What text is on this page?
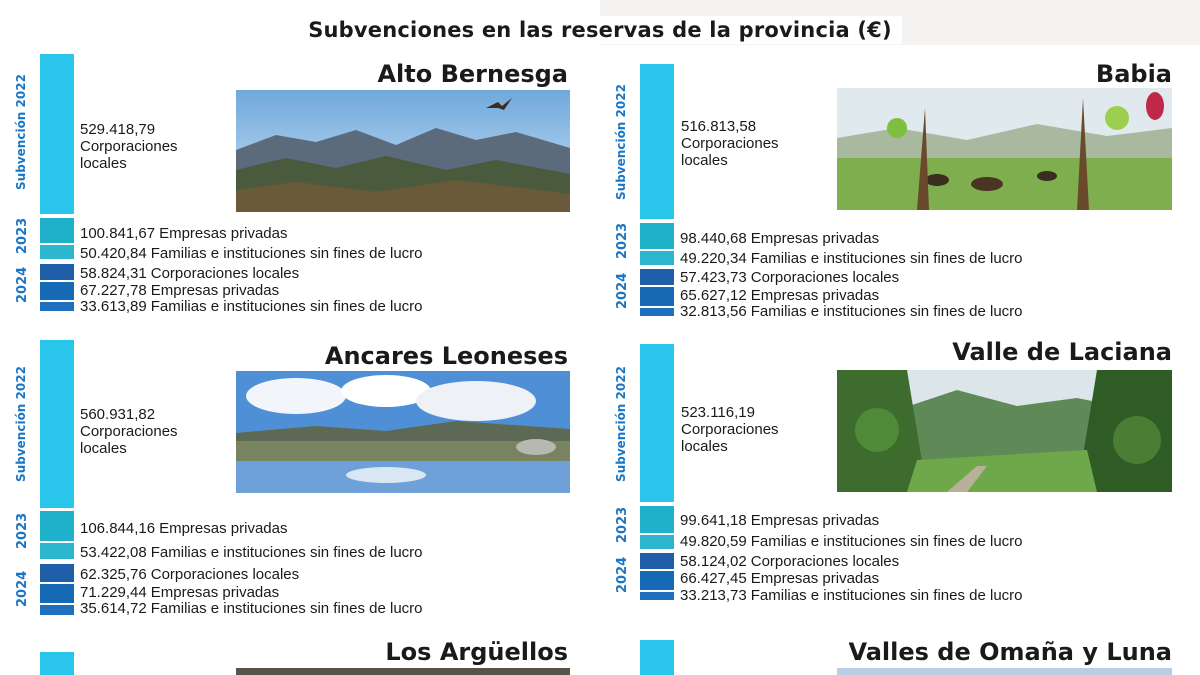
Subvenciones en las reservas de la provincia (€)
Alto Bernesga
Subvención 2022	529.418,79
Corporaciones locales
2023	100.841,67 Empresas privadas
50.420,84 Familias e instituciones sin fines de lucro
2024	58.824,31 Corporaciones locales
67.227,78 Empresas privadas
33.613,89 Familias e instituciones sin fines de lucro
Babia
Subvención 2022	516.813,58
Corporaciones locales
2023	98.440,68 Empresas privadas
49.220,34 Familias e instituciones sin fines de lucro
2024	57.423,73 Corporaciones locales
65.627,12 Empresas privadas
32.813,56 Familias e instituciones sin fines de lucro
Ancares Leoneses
Subvención 2022	560.931,82
Corporaciones locales
2023	106.844,16 Empresas privadas
53.422,08 Familias e instituciones sin fines de lucro
2024	62.325,76 Corporaciones locales
71.229,44 Empresas privadas
35.614,72 Familias e instituciones sin fines de lucro
Valle de Laciana
Subvención 2022	523.116,19
Corporaciones locales
2023	99.641,18 Empresas privadas
49.820,59 Familias e instituciones sin fines de lucro
2024	58.124,02 Corporaciones locales
66.427,45 Empresas privadas
33.213,73 Familias e instituciones sin fines de lucro
Los Argüellos	Valles de Omaña y Luna
